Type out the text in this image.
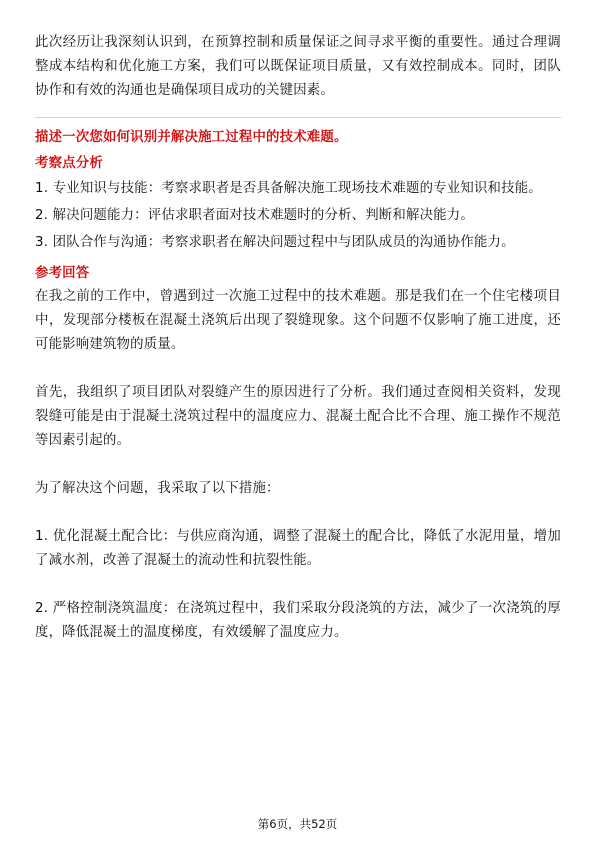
此次经历让我深刻认识到，在预算控制和质量保证之间寻求平衡的重要性。通过合理调整成本结构和优化施工方案，我们可以既保证项目质量，又有效控制成本。同时，团队协作和有效的沟通也是确保项目成功的关键因素。

描述一次您如何识别并解决施工过程中的技术难题。

考察点分析

1. 专业知识与技能：考察求职者是否具备解决施工现场技术难题的专业知识和技能。

2. 解决问题能力：评估求职者面对技术难题时的分析、判断和解决能力。

3. 团队合作与沟通：考察求职者在解决问题过程中与团队成员的沟通协作能力。

参考回答

在我之前的工作中，曾遇到过一次施工过程中的技术难题。那是我们在一个住宅楼项目中，发现部分楼板在混凝土浇筑后出现了裂缝现象。这个问题不仅影响了施工进度，还可能影响建筑物的质量。

首先，我组织了项目团队对裂缝产生的原因进行了分析。我们通过查阅相关资料，发现裂缝可能是由于混凝土浇筑过程中的温度应力、混凝土配合比不合理、施工操作不规范等因素引起的。

为了解决这个问题，我采取了以下措施：

1. 优化混凝土配合比：与供应商沟通，调整了混凝土的配合比，降低了水泥用量，增加了减水剂，改善了混凝土的流动性和抗裂性能。

2. 严格控制浇筑温度：在浇筑过程中，我们采取分段浇筑的方法，减少了一次浇筑的厚度，降低混凝土的温度梯度，有效缓解了温度应力。

第6页，共52页
